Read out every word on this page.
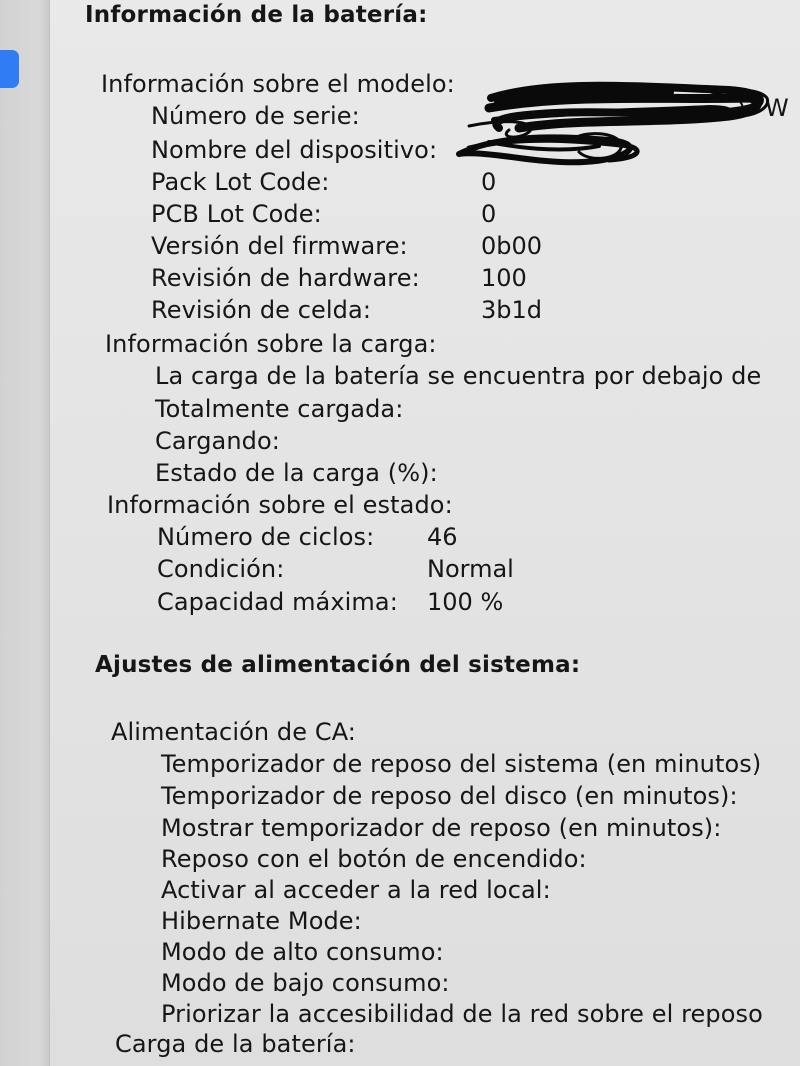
Información de la batería:
Información sobre el modelo:
Número de serie:	W
Nombre del dispositivo:
Pack Lot Code:	0
PCB Lot Code:	0
Versión del firmware:	0b00
Revisión de hardware:	100
Revisión de celda:	3b1d
Información sobre la carga:
La carga de la batería se encuentra por debajo de
Totalmente cargada:
Cargando:
Estado de la carga (%):
Información sobre el estado:
Número de ciclos: 46
Condición:	Normal
Capacidad máxima: 100 %
Ajustes de alimentación del sistema:
Alimentación de CA:
Temporizador de reposo del sistema (en minutos)
Temporizador de reposo del disco (en minutos):
Mostrar temporizador de reposo (en minutos):
Reposo con el botón de encendido:
Activar al acceder a la red local:
Hibernate Mode:
Modo de alto consumo:
Modo de bajo consumo:
Priorizar la accesibilidad de la red sobre el reposo
Carga de la batería:
